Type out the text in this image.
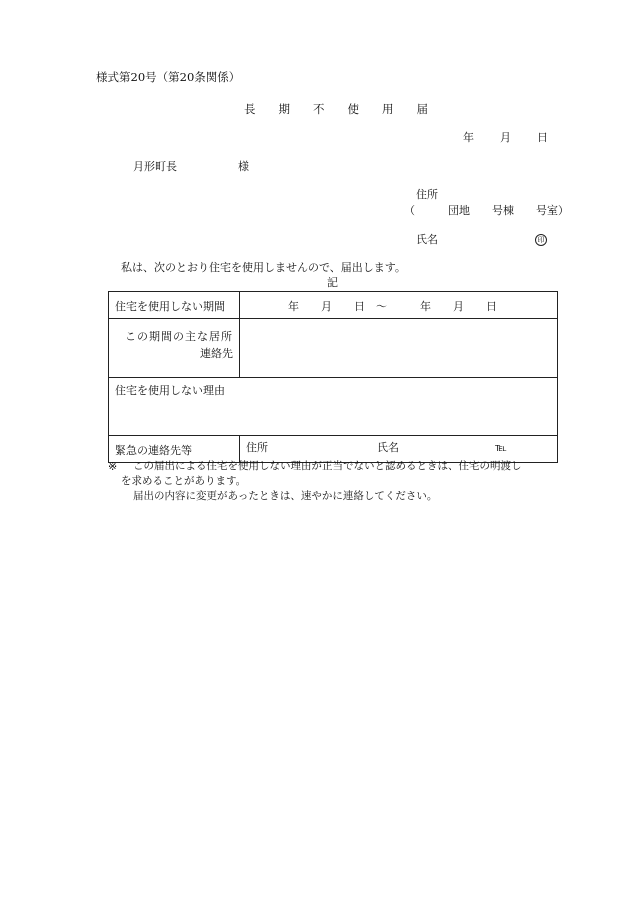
様式第20号（第20条関係）
長　　期　　不　　使　　用　　届
年 月 日
月形町長	様
住所
（　　　団地　　号棟　　号室）
氏名	印
私は、次のとおり住宅を使用しませんので、届出します。
記
住宅を使用しない期間	年　　月　　日　～　　　年　　月　　日

この期間の主な居所
連絡先	

住宅を使用しない理由	

緊急の連絡先等	住所 氏名 ℡
※ この届出による住宅を使用しない理由が正当でないと認めるときは、住宅の明渡し
を求めることがあります。
届出の内容に変更があったときは、速やかに連絡してください。
